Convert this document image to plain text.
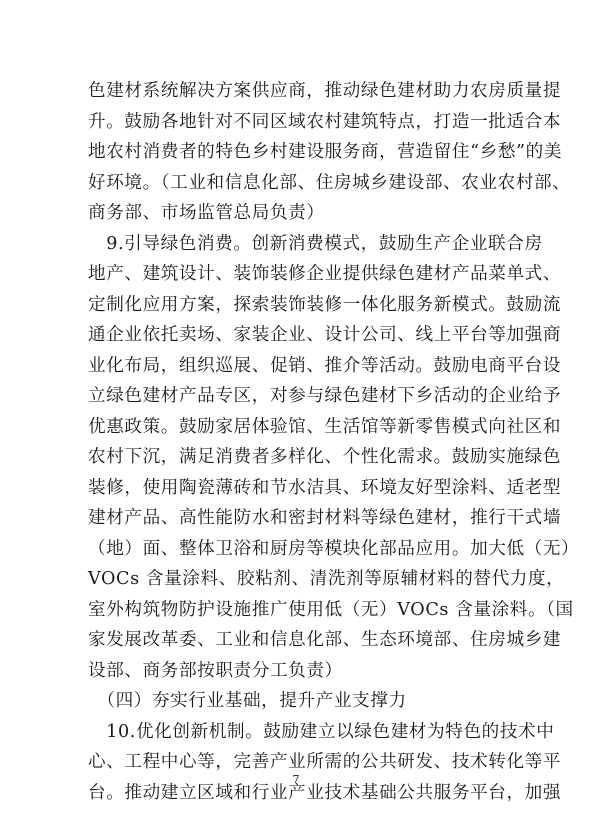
色建材系统解决方案供应商，推动绿色建材助力农房质量提
升。鼓励各地针对不同区域农村建筑特点，打造一批适合本
地农村消费者的特色乡村建设服务商，营造留住“乡愁”的美
好环境。（工业和信息化部、住房城乡建设部、农业农村部、
商务部、市场监管总局负责）
　9.引导绿色消费。创新消费模式，鼓励生产企业联合房
地产、建筑设计、装饰装修企业提供绿色建材产品菜单式、
定制化应用方案，探索装饰装修一体化服务新模式。鼓励流
通企业依托卖场、家装企业、设计公司、线上平台等加强商
业化布局，组织巡展、促销、推介等活动。鼓励电商平台设
立绿色建材产品专区，对参与绿色建材下乡活动的企业给予
优惠政策。鼓励家居体验馆、生活馆等新零售模式向社区和
农村下沉，满足消费者多样化、个性化需求。鼓励实施绿色
装修，使用陶瓷薄砖和节水洁具、环境友好型涂料、适老型
建材产品、高性能防水和密封材料等绿色建材，推行干式墙
（地）面、整体卫浴和厨房等模块化部品应用。加大低（无）
VOCs 含量涂料、胶粘剂、清洗剂等原辅材料的替代力度，
室外构筑物防护设施推广使用低（无）VOCs 含量涂料。（国
家发展改革委、工业和信息化部、生态环境部、住房城乡建
设部、商务部按职责分工负责）
　（四）夯实行业基础，提升产业支撑力
　10.优化创新机制。鼓励建立以绿色建材为特色的技术中
心、工程中心等，完善产业所需的公共研发、技术转化等平
台。推动建立区域和行业产业技术基础公共服务平台，加强
7
